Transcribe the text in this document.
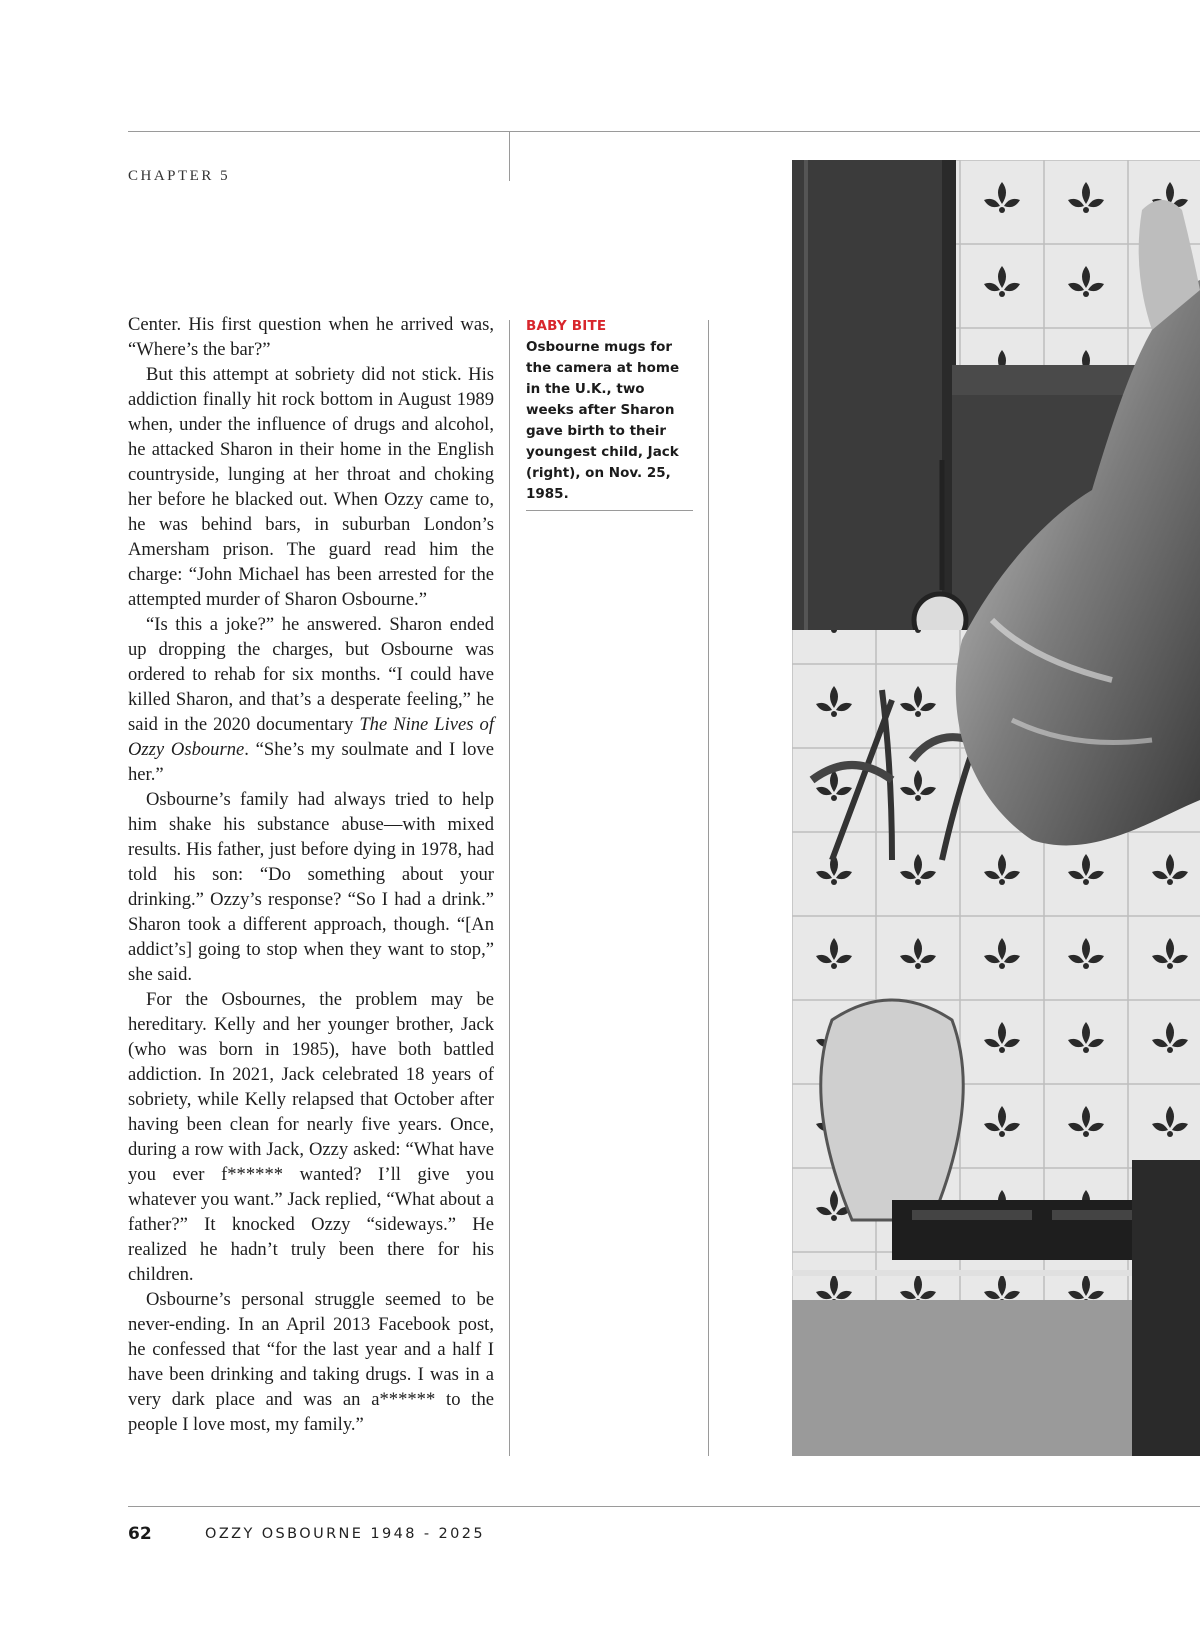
CHAPTER 5

Center. His first question when he arrived was, “Where’s the bar?”

But this attempt at sobriety did not stick. His addiction finally hit rock bottom in August 1989 when, under the influence of drugs and alcohol, he attacked Sharon in their home in the English countryside, lunging at her throat and choking her before he blacked out. When Ozzy came to, he was behind bars, in suburban London’s Amersham prison. The guard read him the charge: “John Michael has been arrested for the attempted murder of Sharon Osbourne.”

“Is this a joke?” he answered. Sharon ended up dropping the charges, but Osbourne was ordered to rehab for six months. “I could have killed Sharon, and that’s a desperate feeling,” he said in the 2020 documentary The Nine Lives of Ozzy Osbourne. “She’s my soulmate and I love her.”

Osbourne’s family had always tried to help him shake his substance abuse—with mixed results. His father, just before dying in 1978, had told his son: “Do something about your drinking.” Ozzy’s response? “So I had a drink.” Sharon took a different approach, though. “[An addict’s] going to stop when they want to stop,” she said.

For the Osbournes, the problem may be hereditary. Kelly and her younger brother, Jack (who was born in 1985), have both battled addiction. In 2021, Jack celebrated 18 years of sobriety, while Kelly relapsed that October after having been clean for nearly five years. Once, during a row with Jack, Ozzy asked: “What have you ever f****** wanted? I’ll give you whatever you want.” Jack replied, “What about a father?” It knocked Ozzy “sideways.” He realized he hadn’t truly been there for his children.

Osbourne’s personal struggle seemed to be never-ending. In an April 2013 Facebook post, he confessed that “for the last year and a half I have been drinking and taking drugs. I was in a very dark place and was an a****** to the people I love most, my family.”

BABY BITE
Osbourne mugs for the camera at home in the U.K., two weeks after Sharon gave birth to their youngest child, Jack (right), on Nov. 25, 1985.
62	OZZY OSBOURNE 1948 - 2025
